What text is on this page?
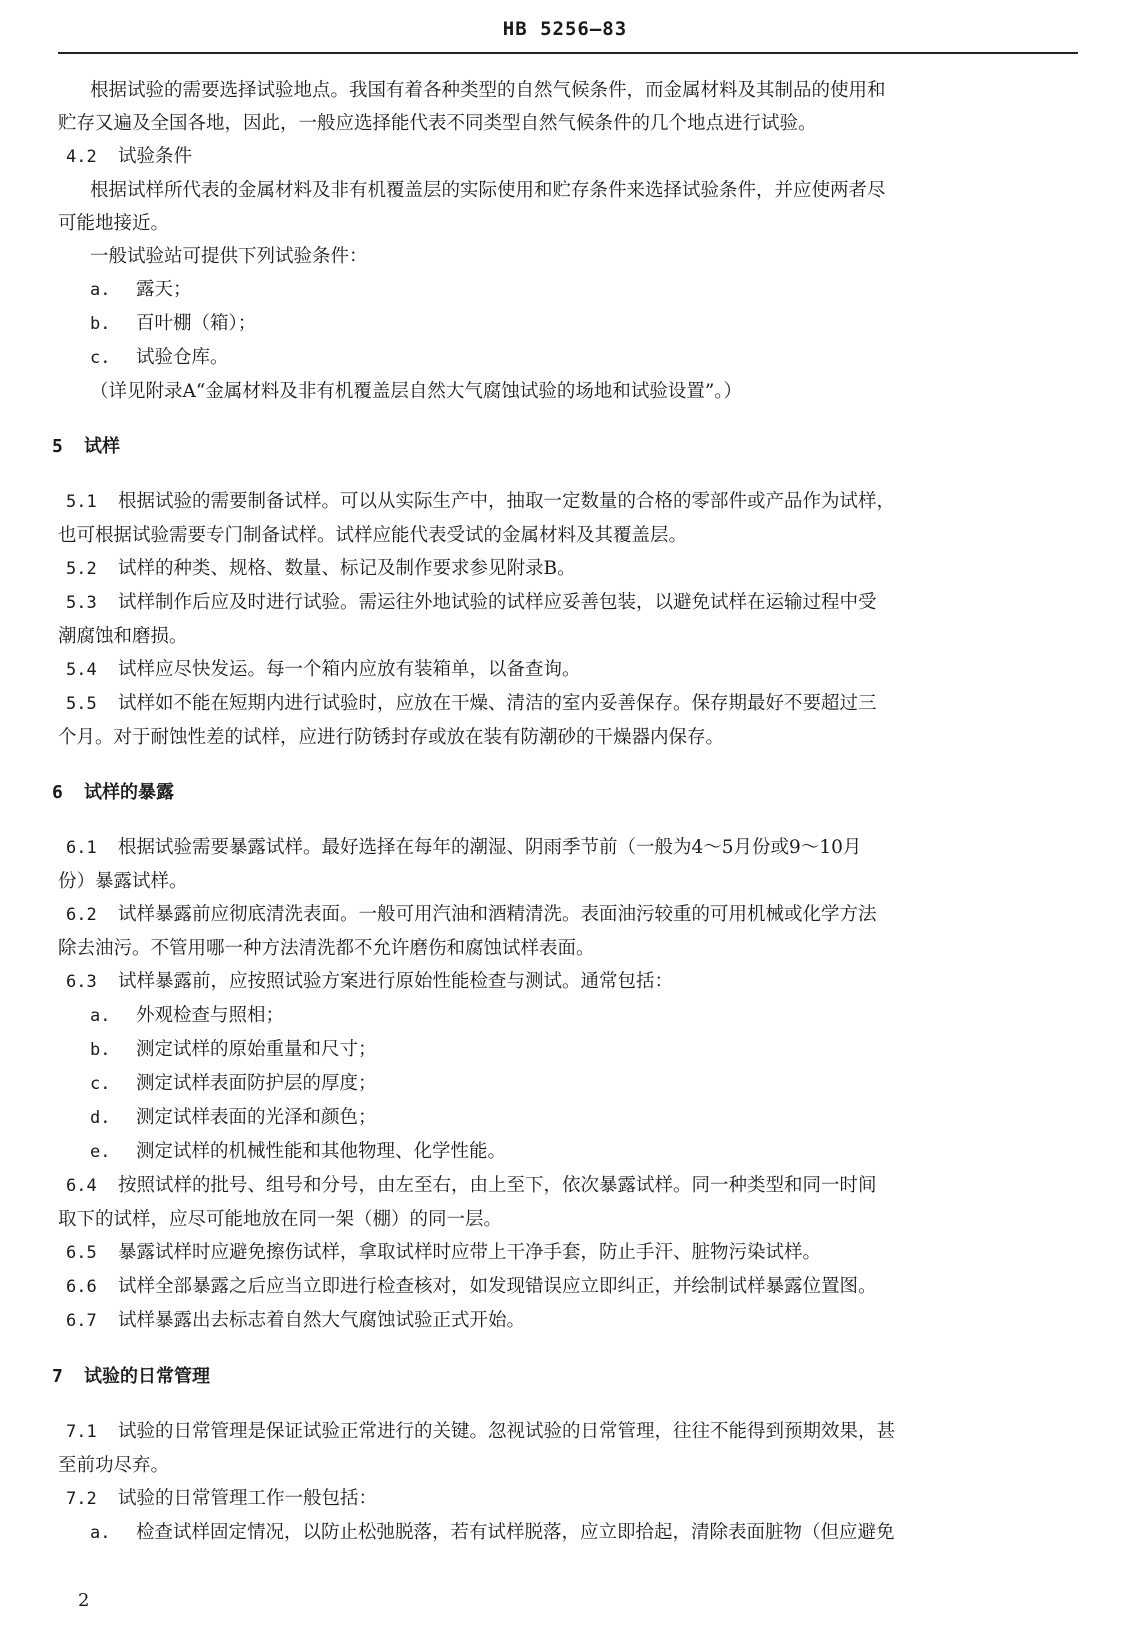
HB 5256—83

根据试验的需要选择试验地点。我国有着各种类型的自然气候条件，而金属材料及其制品的使用和

贮存又遍及全国各地，因此，一般应选择能代表不同类型自然气候条件的几个地点进行试验。

4.2 试验条件

根据试样所代表的金属材料及非有机覆盖层的实际使用和贮存条件来选择试验条件，并应使两者尽

可能地接近。

一般试验站可提供下列试验条件：

a. 露天；

b. 百叶棚（箱）；

c. 试验仓库。

（详见附录A“金属材料及非有机覆盖层自然大气腐蚀试验的场地和试验设置”。）

5 试样

5.1 根据试验的需要制备试样。可以从实际生产中，抽取一定数量的合格的零部件或产品作为试样，

也可根据试验需要专门制备试样。试样应能代表受试的金属材料及其覆盖层。

5.2 试样的种类、规格、数量、标记及制作要求参见附录B。

5.3 试样制作后应及时进行试验。需运往外地试验的试样应妥善包装，以避免试样在运输过程中受

潮腐蚀和磨损。

5.4 试样应尽快发运。每一个箱内应放有装箱单，以备查询。

5.5 试样如不能在短期内进行试验时，应放在干燥、清洁的室内妥善保存。保存期最好不要超过三

个月。对于耐蚀性差的试样，应进行防锈封存或放在装有防潮砂的干燥器内保存。

6 试样的暴露

6.1 根据试验需要暴露试样。最好选择在每年的潮湿、阴雨季节前（一般为4～5月份或9～10月

份）暴露试样。

6.2 试样暴露前应彻底清洗表面。一般可用汽油和酒精清洗。表面油污较重的可用机械或化学方法

除去油污。不管用哪一种方法清洗都不允许磨伤和腐蚀试样表面。

6.3 试样暴露前，应按照试验方案进行原始性能检查与测试。通常包括：

a. 外观检查与照相；

b. 测定试样的原始重量和尺寸；

c. 测定试样表面防护层的厚度；

d. 测定试样表面的光泽和颜色；

e. 测定试样的机械性能和其他物理、化学性能。

6.4 按照试样的批号、组号和分号，由左至右，由上至下，依次暴露试样。同一种类型和同一时间

取下的试样，应尽可能地放在同一架（棚）的同一层。

6.5 暴露试样时应避免擦伤试样，拿取试样时应带上干净手套，防止手汗、脏物污染试样。

6.6 试样全部暴露之后应当立即进行检查核对，如发现错误应立即纠正，并绘制试样暴露位置图。

6.7 试样暴露出去标志着自然大气腐蚀试验正式开始。

7 试验的日常管理

7.1 试验的日常管理是保证试验正常进行的关键。忽视试验的日常管理，往往不能得到预期效果，甚

至前功尽弃。

7.2 试验的日常管理工作一般包括：

a. 检查试样固定情况，以防止松弛脱落，若有试样脱落，应立即拾起，清除表面脏物（但应避免

2
